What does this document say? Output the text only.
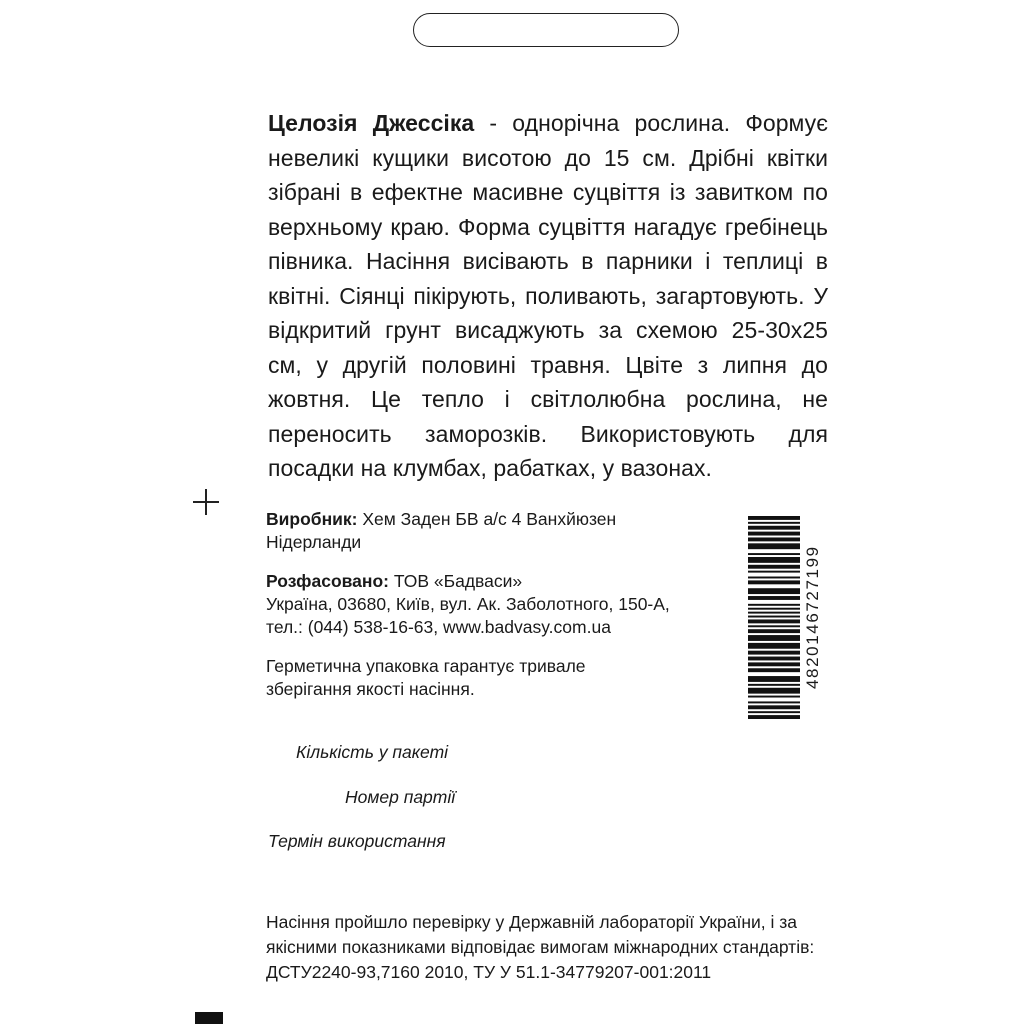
Целозія Джессіка - однорічна рослина. Формує невеликі кущики висотою до 15 см. Дрібні квітки зібрані в ефектне масивне суцвіття із завитком по верхньому краю. Форма суцвіття нагадує гребінець півника. Насіння висівають в парники і теплиці в квітні. Сіянці пікірують, поливають, загартовують. У відкритий грунт висаджують за схемою 25-30х25 см, у другій половині травня. Цвіте з липня до жовтня. Це тепло і світлолюбна рослина, не переносить заморозків. Використовують для посадки на клумбах, рабатках, у вазонах.

Виробник: Хем Заден БВ а/с 4 Ванхйюзен
Нідерланди
Розфасовано: ТОВ «Бадваси»
Україна, 03680, Київ, вул. Ак. Заболотного, 150-А,
тел.: (044) 538-16-63, www.badvasy.com.ua
Герметична упаковка гарантує тривале
зберігання якості насіння.

Кількість у пакеті

Номер партії

Термін використання

Насіння пройшло перевірку у Державній лабораторії України, і за
якісними показниками відповідає вимогам міжнародних стандартів:
ДСТУ2240-93,7160 2010, ТУ У 51.1-34779207-001:2011
4820146727199
